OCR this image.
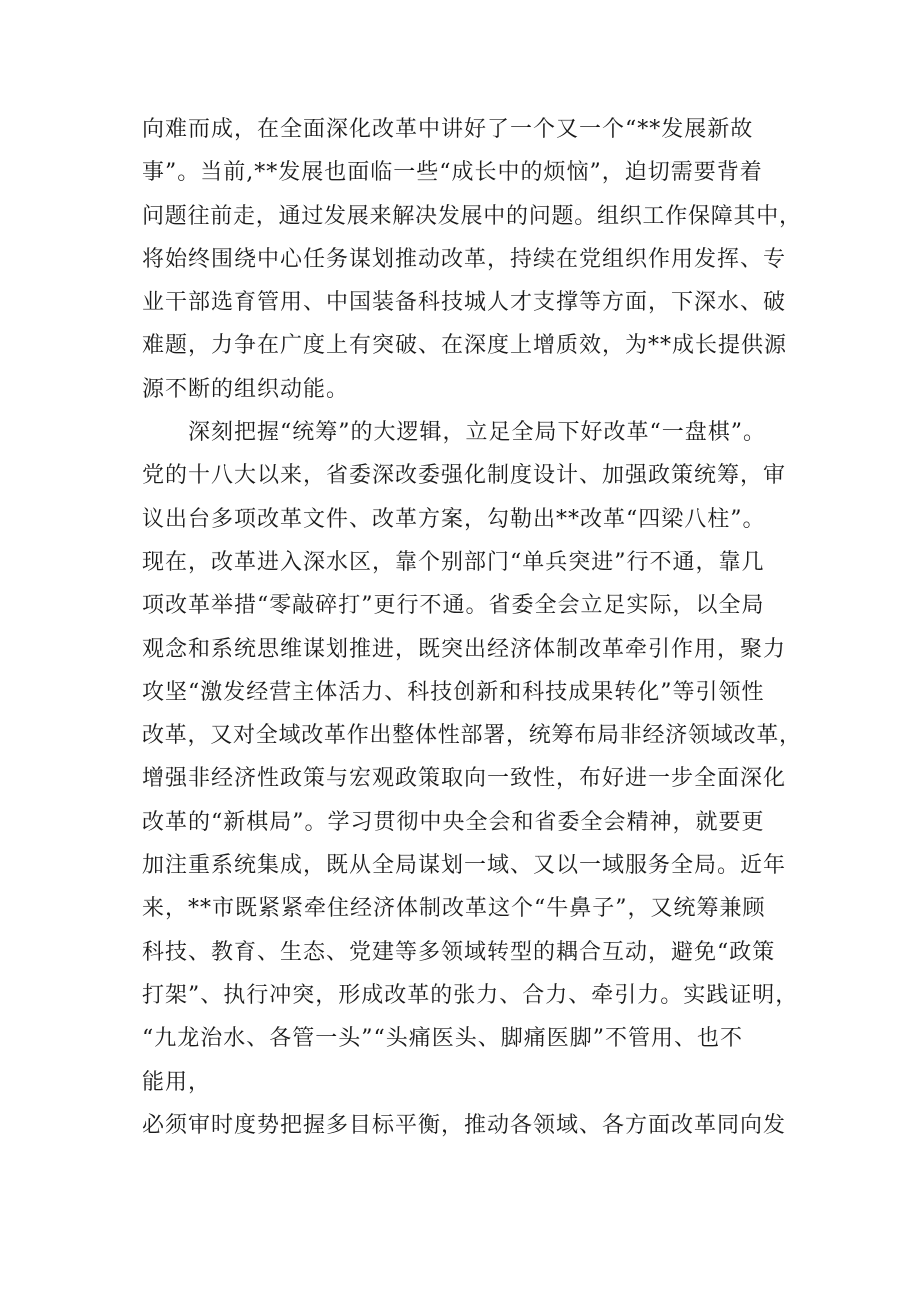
向难而成，在全面深化改革中讲好了一个又一个“**发展新故
事”。当前,**发展也面临一些“成长中的烦恼”，迫切需要背着
问题往前走，通过发展来解决发展中的问题。组织工作保障其中，
将始终围绕中心任务谋划推动改革，持续在党组织作用发挥、专
业干部选育管用、中国装备科技城人才支撑等方面，下深水、破
难题，力争在广度上有突破、在深度上增质效，为**成长提供源
源不断的组织动能。
深刻把握“统筹”的大逻辑，立足全局下好改革“一盘棋”。
党的十八大以来，省委深改委强化制度设计、加强政策统筹，审
议出台多项改革文件、改革方案，勾勒出**改革“四梁八柱”。
现在，改革进入深水区，靠个别部门“单兵突进”行不通，靠几
项改革举措“零敲碎打”更行不通。省委全会立足实际，以全局
观念和系统思维谋划推进，既突出经济体制改革牵引作用，聚力
攻坚“激发经营主体活力、科技创新和科技成果转化”等引领性
改革，又对全域改革作出整体性部署，统筹布局非经济领域改革，
增强非经济性政策与宏观政策取向一致性，布好进一步全面深化
改革的“新棋局”。学习贯彻中央全会和省委全会精神，就要更
加注重系统集成，既从全局谋划一域、又以一域服务全局。近年
来，**市既紧紧牵住经济体制改革这个“牛鼻子”，又统筹兼顾
科技、教育、生态、党建等多领域转型的耦合互动，避免“政策
打架”、执行冲突，形成改革的张力、合力、牵引力。实践证明，
“九龙治水、各管一头”“头痛医头、脚痛医脚”不管用、也不
能用，
必须审时度势把握多目标平衡，推动各领域、各方面改革同向发
